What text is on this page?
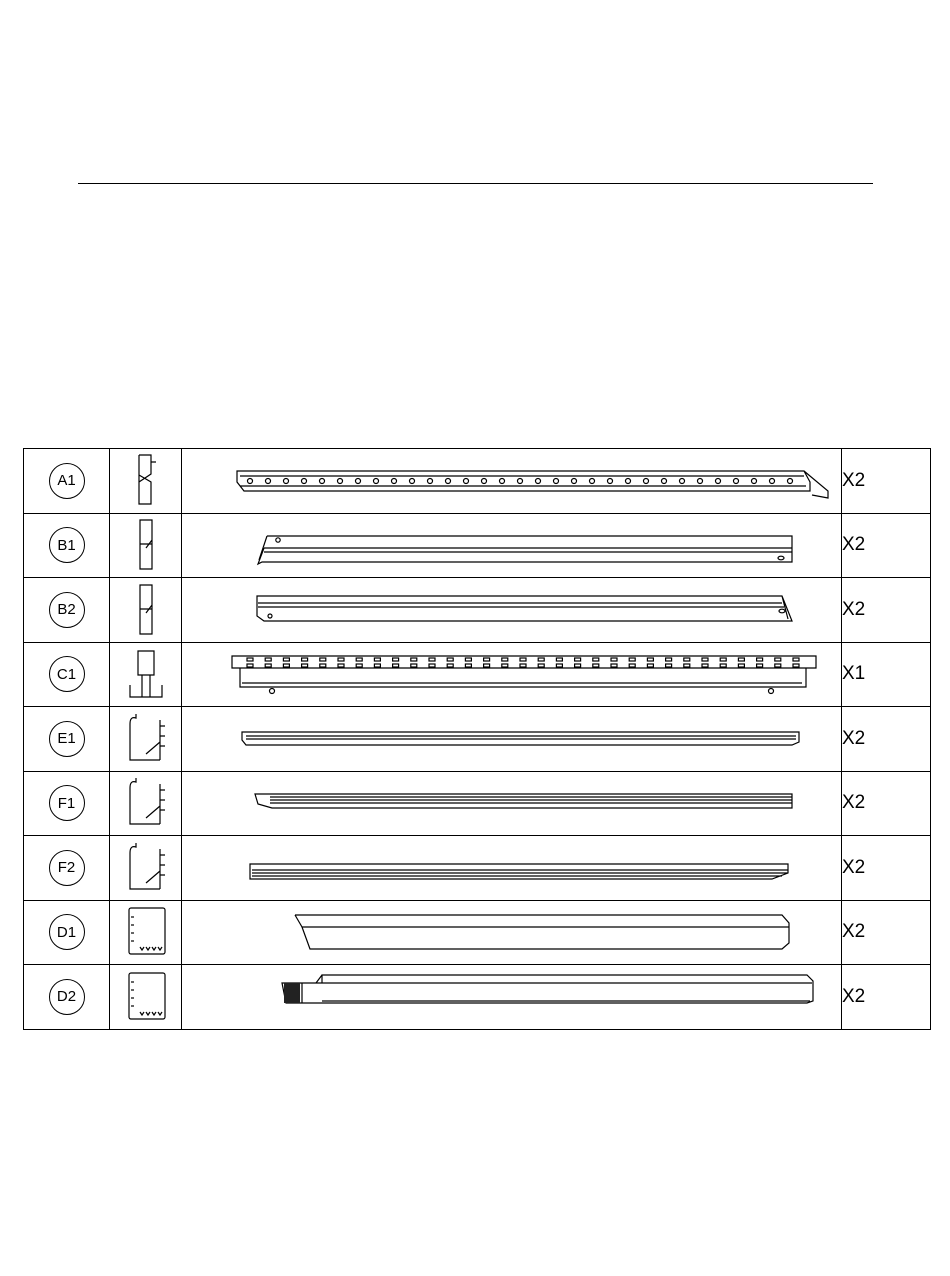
A1			X2

B1			X2

B2			X2

C1			X1

E1			X2

F1			X2

F2			X2

D1			X2

D2			X2
